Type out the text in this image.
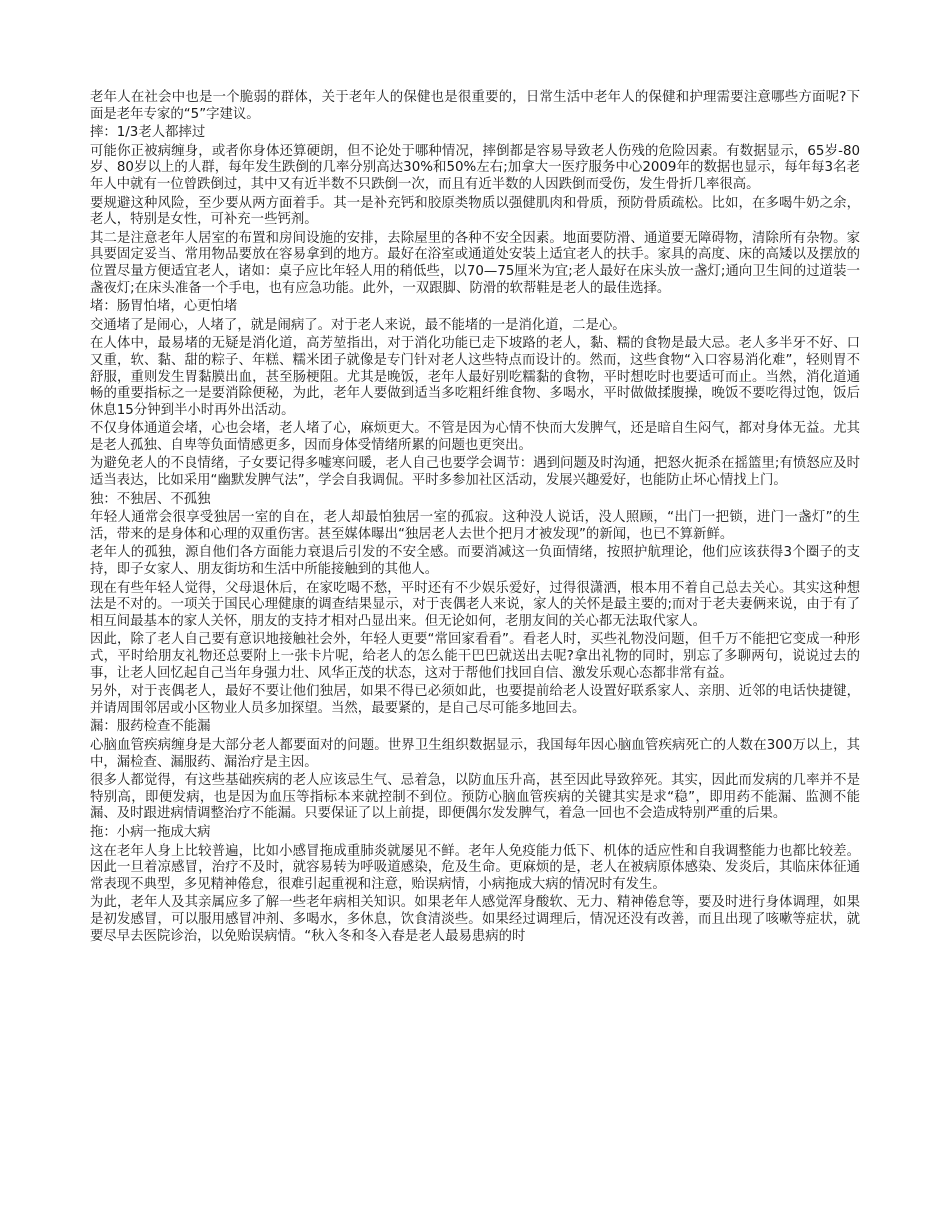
老年人在社会中也是一个脆弱的群体，关于老年人的保健也是很重要的，日常生活中老年人的保健和护理需要注意哪些方面呢?下面是老年专家的“5”字建议。

摔：1/3老人都摔过

可能你正被病缠身，或者你身体还算硬朗，但不论处于哪种情况，摔倒都是容易导致老人伤残的危险因素。有数据显示，65岁-80岁、80岁以上的人群，每年发生跌倒的几率分别高达30%和50%左右;加拿大一医疗服务中心2009年的数据也显示，每年每3名老年人中就有一位曾跌倒过，其中又有近半数不只跌倒一次，而且有近半数的人因跌倒而受伤，发生骨折几率很高。

要规避这种风险，至少要从两方面着手。其一是补充钙和胶原类物质以强健肌肉和骨质，预防骨质疏松。比如，在多喝牛奶之余，老人，特别是女性，可补充一些钙剂。

其二是注意老年人居室的布置和房间设施的安排，去除屋里的各种不安全因素。地面要防滑、通道要无障碍物，清除所有杂物。家具要固定妥当、常用物品要放在容易拿到的地方。最好在浴室或通道处安装上适宜老人的扶手。家具的高度、床的高矮以及摆放的位置尽量方便适宜老人，诸如：桌子应比年轻人用的稍低些，以70—75厘米为宜;老人最好在床头放一盏灯;通向卫生间的过道装一盏夜灯;在床头准备一个手电，也有应急功能。此外，一双跟脚、防滑的软帮鞋是老人的最佳选择。

堵：肠胃怕堵，心更怕堵

交通堵了是闹心，人堵了，就是闹病了。对于老人来说，最不能堵的一是消化道，二是心。

在人体中，最易堵的无疑是消化道，高芳堃指出，对于消化功能已走下坡路的老人，黏、糯的食物是最大忌。老人多半牙不好、口又重，软、黏、甜的粽子、年糕、糯米团子就像是专门针对老人这些特点而设计的。然而，这些食物“入口容易消化难”，轻则胃不舒服，重则发生胃黏膜出血，甚至肠梗阻。尤其是晚饭，老年人最好别吃糯黏的食物，平时想吃时也要适可而止。当然，消化道通畅的重要指标之一是要消除便秘，为此，老年人要做到适当多吃粗纤维食物、多喝水，平时做做揉腹操，晚饭不要吃得过饱，饭后休息15分钟到半小时再外出活动。

不仅身体通道会堵，心也会堵，老人堵了心，麻烦更大。不管是因为心情不快而大发脾气，还是暗自生闷气，都对身体无益。尤其是老人孤独、自卑等负面情感更多，因而身体受情绪所累的问题也更突出。

为避免老人的不良情绪，子女要记得多嘘寒问暖，老人自己也要学会调节：遇到问题及时沟通，把怒火扼杀在摇篮里;有愤怒应及时适当表达，比如采用“幽默发脾气法”，学会自我调侃。平时多参加社区活动，发展兴趣爱好，也能防止坏心情找上门。

独：不独居、不孤独

年轻人通常会很享受独居一室的自在，老人却最怕独居一室的孤寂。这种没人说话，没人照顾，“出门一把锁，进门一盏灯”的生活，带来的是身体和心理的双重伤害。甚至媒体曝出“独居老人去世个把月才被发现”的新闻，也已不算新鲜。

老年人的孤独，源自他们各方面能力衰退后引发的不安全感。而要消减这一负面情绪，按照护航理论，他们应该获得3个圈子的支持，即子女家人、朋友街坊和生活中所能接触到的其他人。

现在有些年轻人觉得，父母退休后，在家吃喝不愁，平时还有不少娱乐爱好，过得很潇洒，根本用不着自己总去关心。其实这种想法是不对的。一项关于国民心理健康的调查结果显示，对于丧偶老人来说，家人的关怀是最主要的;而对于老夫妻俩来说，由于有了相互间最基本的家人关怀，朋友的支持才相对凸显出来。但无论如何，老朋友间的关心都无法取代家人。

因此，除了老人自己要有意识地接触社会外，年轻人更要“常回家看看”。看老人时，买些礼物没问题，但千万不能把它变成一种形式，平时给朋友礼物还总要附上一张卡片呢，给老人的怎么能干巴巴就送出去呢?拿出礼物的同时，别忘了多聊两句，说说过去的事，让老人回忆起自己当年身强力壮、风华正茂的状态，这对于帮他们找回自信、激发乐观心态都非常有益。

另外，对于丧偶老人，最好不要让他们独居，如果不得已必须如此，也要提前给老人设置好联系家人、亲朋、近邻的电话快捷键，并请周围邻居或小区物业人员多加探望。当然，最要紧的，是自己尽可能多地回去。

漏：服药检查不能漏

心脑血管疾病缠身是大部分老人都要面对的问题。世界卫生组织数据显示，我国每年因心脑血管疾病死亡的人数在300万以上，其中，漏检查、漏服药、漏治疗是主因。

很多人都觉得，有这些基础疾病的老人应该忌生气、忌着急，以防血压升高，甚至因此导致猝死。其实，因此而发病的几率并不是特别高，即便发病，也是因为血压等指标本来就控制不到位。预防心脑血管疾病的关键其实是求“稳”，即用药不能漏、监测不能漏、及时跟进病情调整治疗不能漏。只要保证了以上前提，即便偶尔发发脾气，着急一回也不会造成特别严重的后果。

拖：小病一拖成大病

这在老年人身上比较普遍，比如小感冒拖成重肺炎就屡见不鲜。老年人免疫能力低下、机体的适应性和自我调整能力也都比较差。因此一旦着凉感冒，治疗不及时，就容易转为呼吸道感染，危及生命。更麻烦的是，老人在被病原体感染、发炎后，其临床体征通常表现不典型，多见精神倦怠，很难引起重视和注意，贻误病情，小病拖成大病的情况时有发生。

为此，老年人及其亲属应多了解一些老年病相关知识。如果老年人感觉浑身酸软、无力、精神倦怠等，要及时进行身体调理，如果是初发感冒，可以服用感冒冲剂、多喝水，多休息，饮食清淡些。如果经过调理后，情况还没有改善，而且出现了咳嗽等症状，就要尽早去医院诊治，以免贻误病情。“秋入冬和冬入春是老人最易患病的时
